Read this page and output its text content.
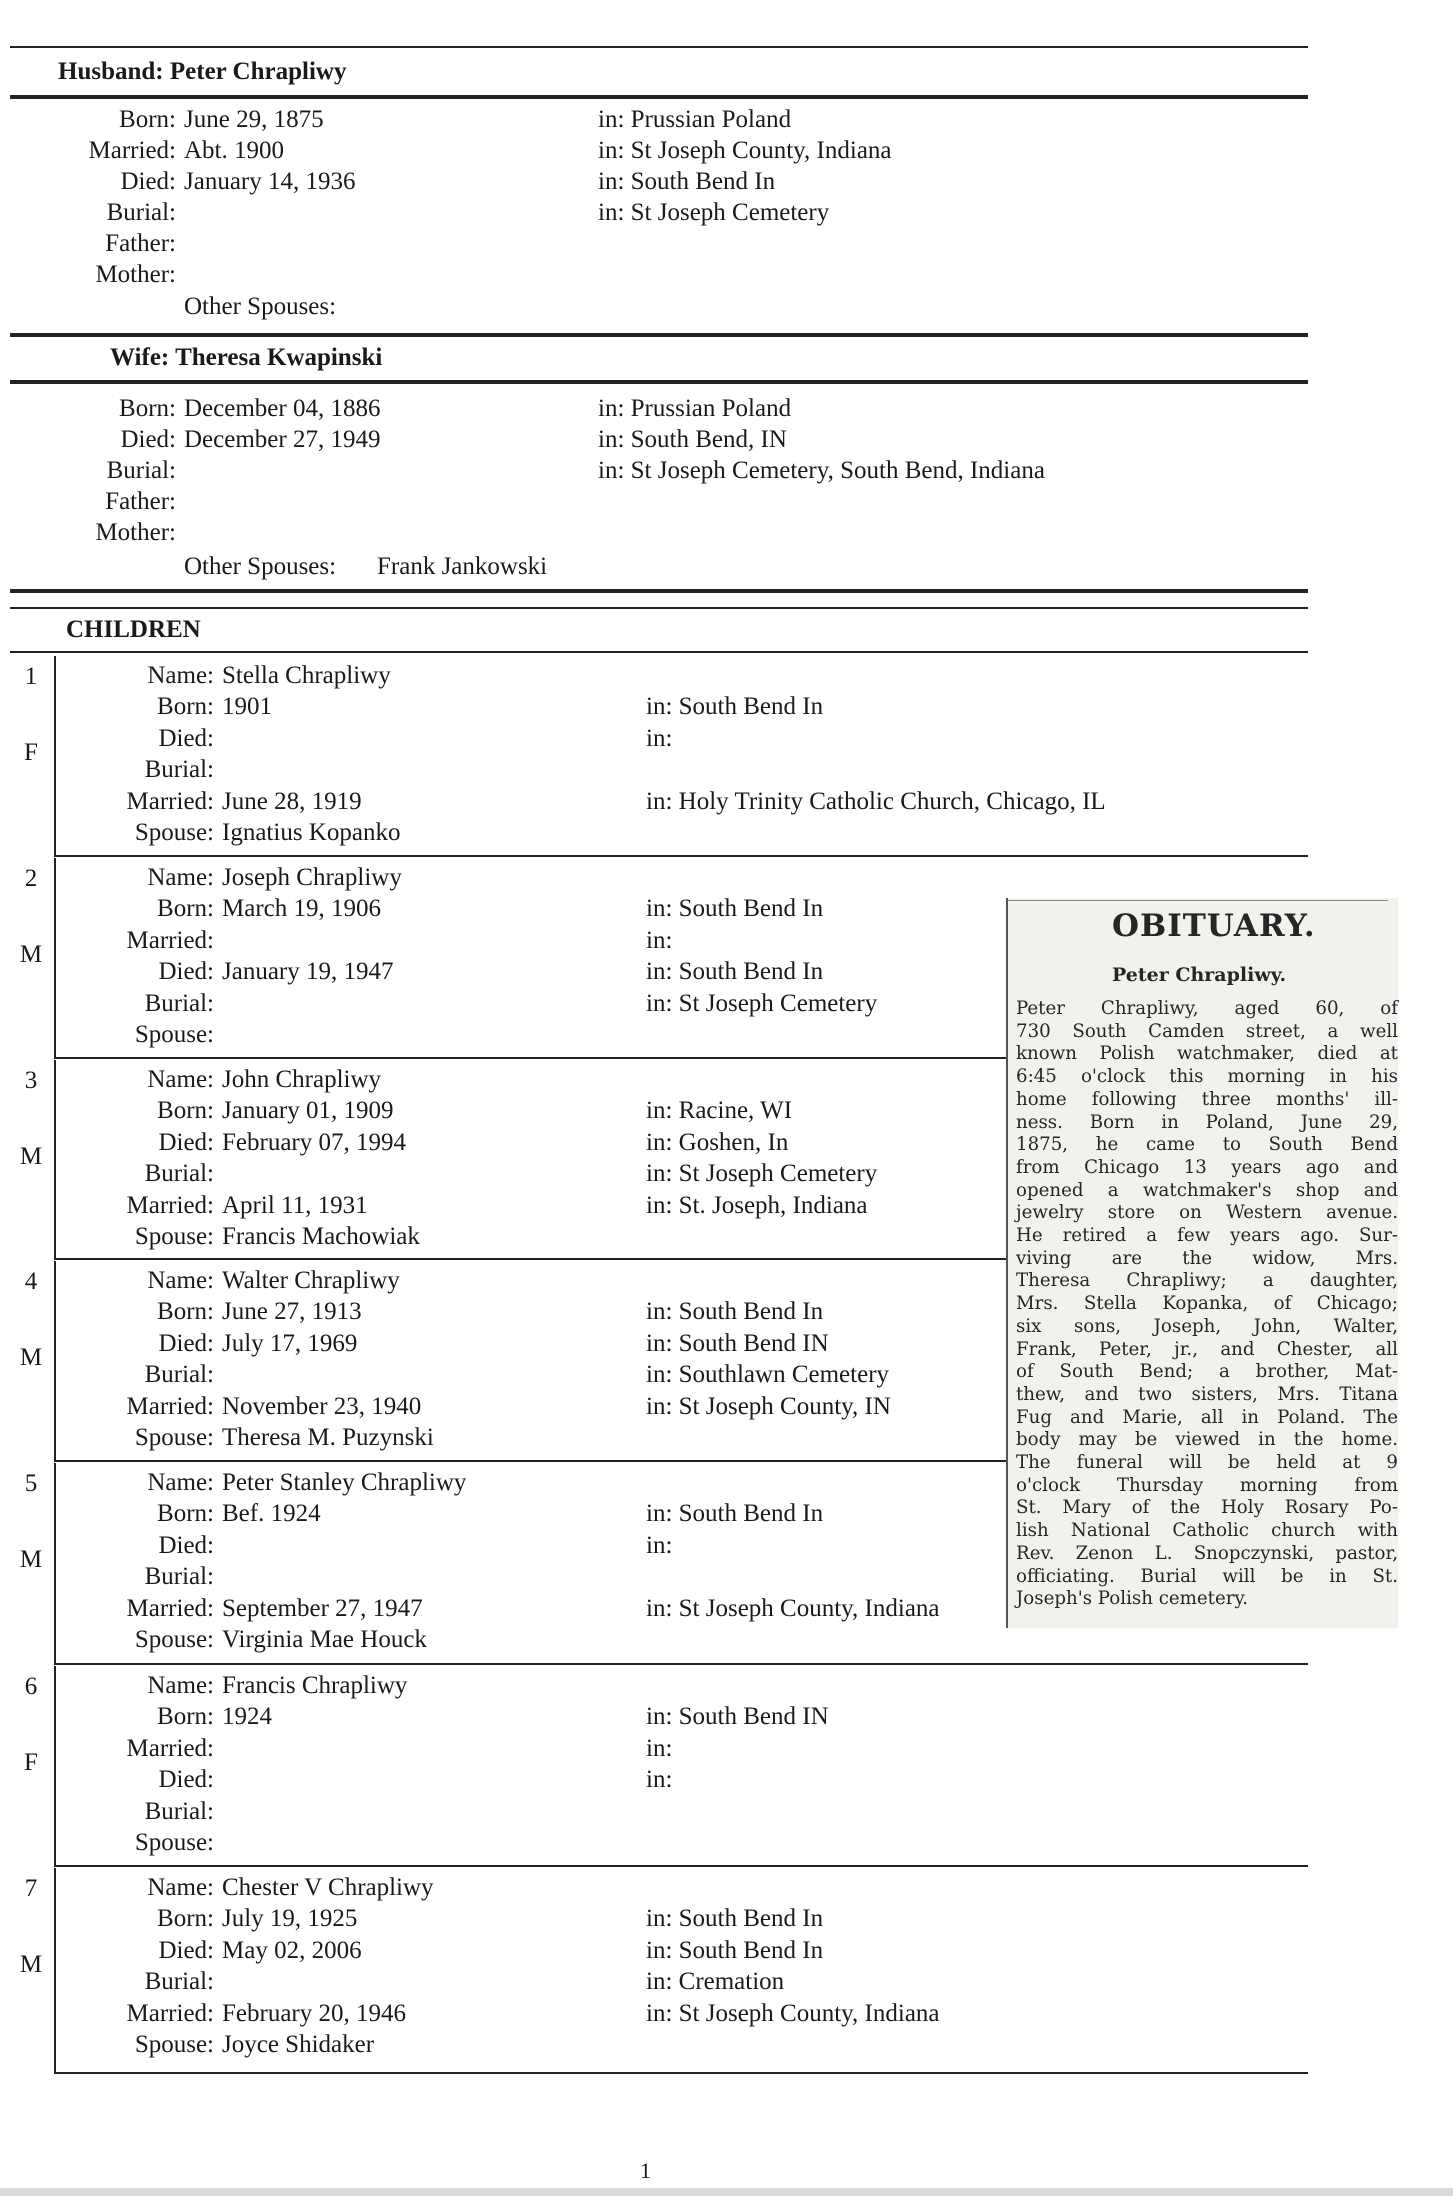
Husband: Peter Chrapliwy
Born: June 29, 1875	in: Prussian Poland
Married: Abt. 1900	in: St Joseph County, Indiana
Died: January 14, 1936	in: South Bend In
Burial:	in: St Joseph Cemetery
Father:
Mother:
Other Spouses:
Wife: Theresa Kwapinski
Born: December 04, 1886	in: Prussian Poland
Died: December 27, 1949	in: South Bend, IN
Burial:	in: St Joseph Cemetery, South Bend, Indiana
Father:
Mother:
Other Spouses: Frank Jankowski
CHILDREN
1
F
Name: Stella Chrapliwy
Born: 1901	in: South Bend In
Died:	in:
Burial:
Married: June 28, 1919	in: Holy Trinity Catholic Church, Chicago, IL
Spouse: Ignatius Kopanko
2
M
Name: Joseph Chrapliwy
Born: March 19, 1906	in: South Bend In
Married:	in:
Died: January 19, 1947	in: South Bend In
Burial:	in: St Joseph Cemetery
Spouse:
3
M
Name: John Chrapliwy
Born: January 01, 1909	in: Racine, WI
Died: February 07, 1994	in: Goshen, In
Burial:	in: St Joseph Cemetery
Married: April 11, 1931	in: St. Joseph, Indiana
Spouse: Francis Machowiak
4
M
Name: Walter Chrapliwy
Born: June 27, 1913	in: South Bend In
Died: July 17, 1969	in: South Bend IN
Burial:	in: Southlawn Cemetery
Married: November 23, 1940	in: St Joseph County, IN
Spouse: Theresa M. Puzynski
5
M
Name: Peter Stanley Chrapliwy
Born: Bef. 1924	in: South Bend In
Died:	in:
Burial:
Married: September 27, 1947	in: St Joseph County, Indiana
Spouse: Virginia Mae Houck
6
F
Name: Francis Chrapliwy
Born: 1924	in: South Bend IN
Married:	in:
Died:	in:
Burial:
Spouse:
7
M
Name: Chester V Chrapliwy
Born: July 19, 1925	in: South Bend In
Died: May 02, 2006	in: South Bend In
Burial:	in: Cremation
Married: February 20, 1946	in: St Joseph County, Indiana
Spouse: Joyce Shidaker
OBITUARY.
Peter Chrapliwy.
Peter Chrapliwy, aged 60, of
730 South Camden street, a well
known Polish watchmaker, died at
6:45 o'clock this morning in his
home following three months' ill-
ness. Born in Poland, June 29,
1875, he came to South Bend
from Chicago 13 years ago and
opened a watchmaker's shop and
jewelry store on Western avenue.
He retired a few years ago. Sur-
viving are the widow, Mrs.
Theresa Chrapliwy; a daughter,
Mrs. Stella Kopanka, of Chicago;
six sons, Joseph, John, Walter,
Frank, Peter, jr., and Chester, all
of South Bend; a brother, Mat-
thew, and two sisters, Mrs. Titana
Fug and Marie, all in Poland. The
body may be viewed in the home.
The funeral will be held at 9
o'clock Thursday morning from
St. Mary of the Holy Rosary Po-
lish National Catholic church with
Rev. Zenon L. Snopczynski, pastor,
officiating. Burial will be in St.
Joseph's Polish cemetery.
1
